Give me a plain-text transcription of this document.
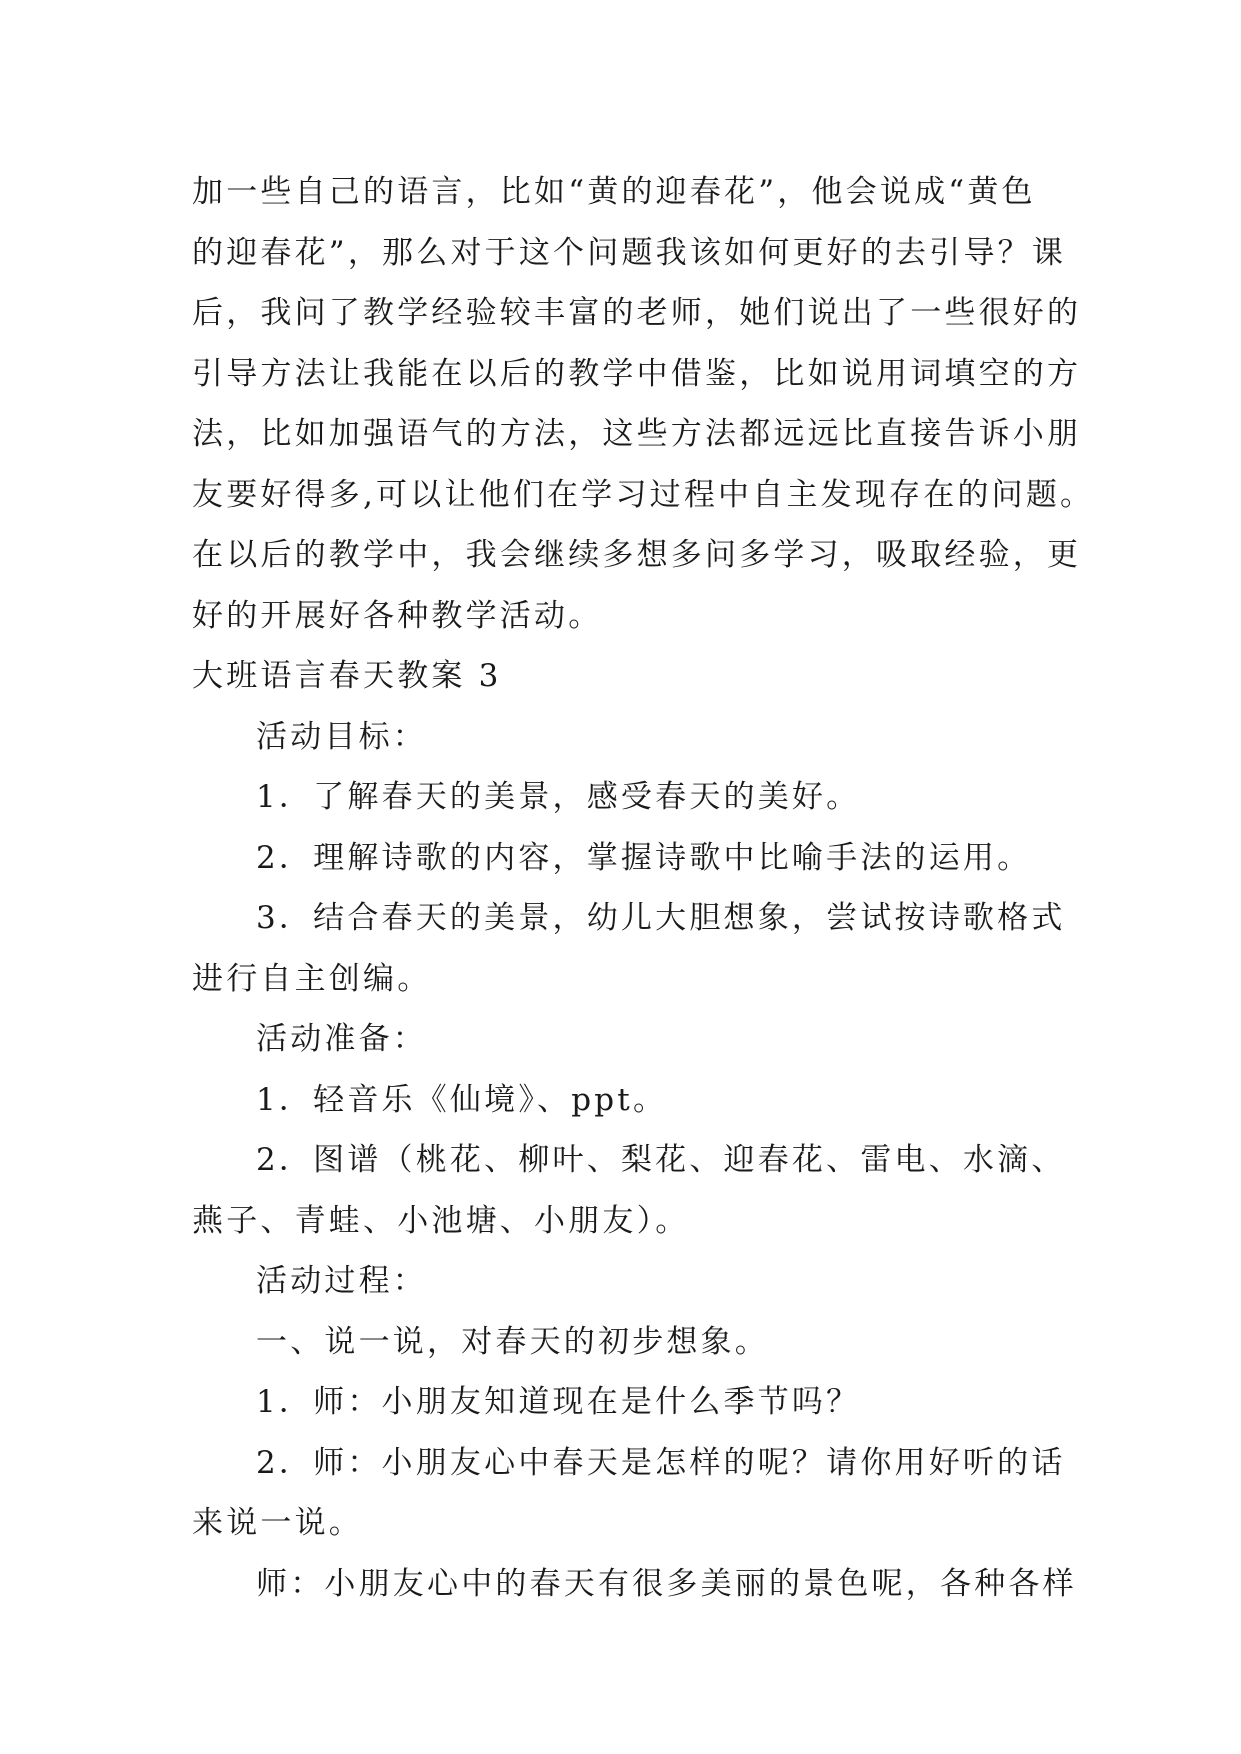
加一些自己的语言，比如“黄的迎春花”，他会说成“黄色
的迎春花”，那么对于这个问题我该如何更好的去引导？课
后，我问了教学经验较丰富的老师，她们说出了一些很好的
引导方法让我能在以后的教学中借鉴，比如说用词填空的方
法，比如加强语气的方法，这些方法都远远比直接告诉小朋
友要好得多,可以让他们在学习过程中自主发现存在的问题。
在以后的教学中，我会继续多想多问多学习，吸取经验，更
好的开展好各种教学活动。
大班语言春天教案 3
活动目标：
1．了解春天的美景，感受春天的美好。
2．理解诗歌的内容，掌握诗歌中比喻手法的运用。
3．结合春天的美景，幼儿大胆想象，尝试按诗歌格式
进行自主创编。
活动准备：
1．轻音乐《仙境》、ppt。
2．图谱（桃花、柳叶、梨花、迎春花、雷电、水滴、
燕子、青蛙、小池塘、小朋友）。
活动过程：
一、说一说，对春天的初步想象。
1．师：小朋友知道现在是什么季节吗？
2．师：小朋友心中春天是怎样的呢？请你用好听的话
来说一说。
师：小朋友心中的春天有很多美丽的景色呢，各种各样
